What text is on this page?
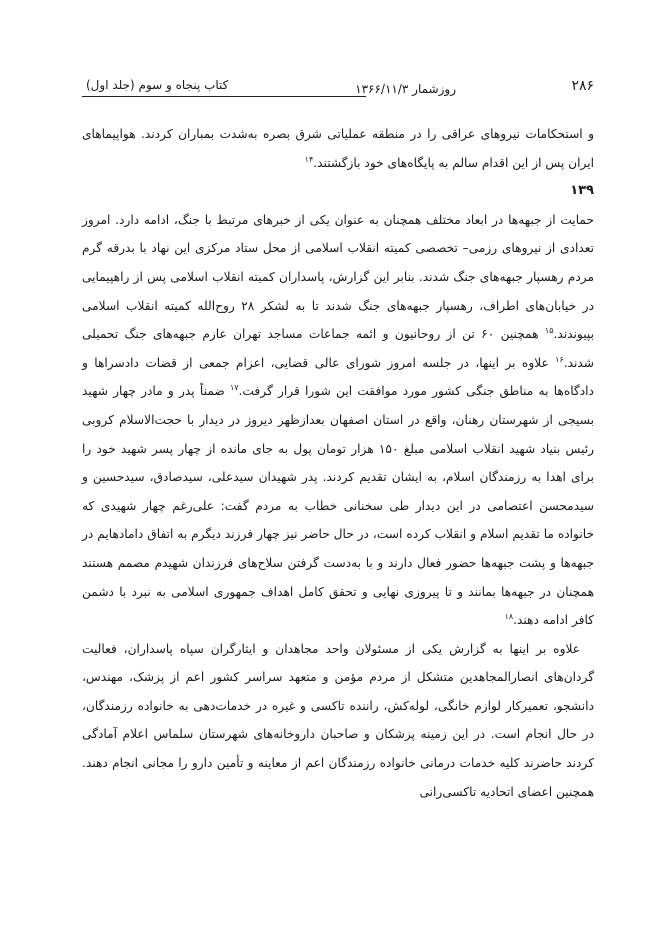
۲۸۶
روزشمار ۱۳۶۶/۱۱/۳
کتاب پنجاه و سوم (جلد اول)

و استحکامات نیروهای عراقی را در منطقه عملیاتی شرق بصره به‌شدت بمباران کردند. هواپیماهای ایران پس از این اقدام سالم به پایگاه‌های خود بازگشتند.$^{۱۴}$

۱۳۹

حمایت از جبهه‌ها در ابعاد مختلف همچنان به عنوان یکی از خبرهای مرتبط با جنگ، ادامه دارد. امروز تعدادی از نیروهای رزمی– تخصصی کمیته انقلاب اسلامی از محل ستاد مرکزی این نهاد با بدرقه گرم مردم رهسپار جبهه‌های جنگ شدند. بنابر این گزارش، پاسداران کمیته انقلاب اسلامی پس از راهپیمایی در خیابان‌های اطراف، رهسپار جبهه‌های جنگ شدند تا به لشکر ۲۸ روح‌الله کمیته انقلاب اسلامی بپیوندند.$^{۱۵}$ همچنین ۶۰ تن از روحانیون و ائمه جماعات مساجد تهران عازم جبهه‌های جنگ تحمیلی شدند.$^{۱۶}$ علاوه بر اینها، در جلسه امروز شورای عالی قضایی، اعزام جمعی از قضات دادسراها و دادگاه‌ها به مناطق جنگی کشور مورد موافقت این شورا قرار گرفت.$^{۱۷}$ ضمناً پدر و مادر چهار شهید بسیجی از شهرستان رهنان، واقع در استان اصفهان بعدازظهر دیروز در دیدار با حجت‌الاسلام کروبی رئیس بنیاد شهید انقلاب اسلامی مبلغ ۱۵۰ هزار تومان پول به جای مانده از چهار پسر شهید خود را برای اهدا به رزمندگان اسلام، به ایشان تقدیم کردند. پدر شهیدان سیدعلی، سیدصادق، سیدحسین و سیدمحسن اعتصامی در این دیدار طی سخنانی خطاب به مردم گفت: علی‌رغم چهار شهیدی که خانواده ما تقدیم اسلام و انقلاب کرده است، در حال حاضر نیز چهار فرزند دیگرم به اتفاق دامادهایم در جبهه‌ها و پشت جبهه‌ها حضور فعال دارند و با به‌دست گرفتن سلاح‌های فرزندان شهیدم مصمم هستند همچنان در جبهه‌ها بمانند و تا پیروزی نهایی و تحقق کامل اهداف جمهوری اسلامی به نبرد با دشمن کافر ادامه دهند.$^{۱۸}$

علاوه بر اینها به گزارش یکی از مسئولان واحد مجاهدان و ایثارگران سپاه پاسداران، فعالیت گردان‌های انصارالمجاهدین متشکل از مردم مؤمن و متعهد سراسر کشور اعم از پزشک، مهندس، دانشجو، تعمیرکار لوازم خانگی، لوله‌کش، راننده تاکسی و غیره در خدمات‌دهی به خانواده رزمندگان، در حال انجام است. در این زمینه پزشکان و صاحبان داروخانه‌های شهرستان سلماس اعلام آمادگی کردند حاضرند کلیه خدمات درمانی خانواده رزمندگان اعم از معاینه و تأمین دارو را مجانی انجام دهند. همچنین اعضای اتحادیه تاکسی‌رانی
